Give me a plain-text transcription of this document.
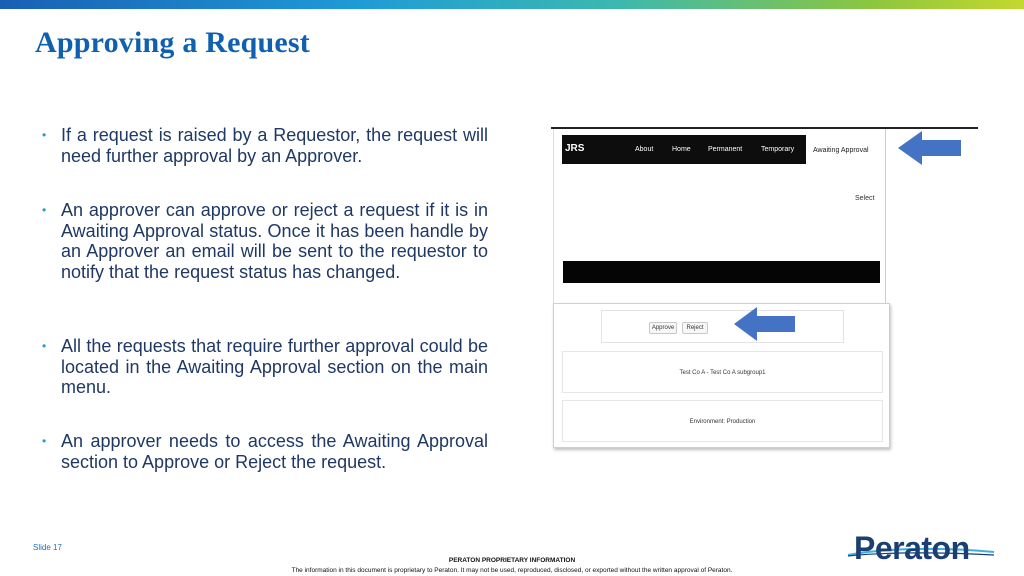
Approving a Request
• If a request is raised by a Requestor, the request will need further approval by an Approver.
• An approver can approve or reject a request if it is in Awaiting Approval status. Once it has been handle by an Approver an email will be sent to the requestor to notify that the request status has changed.
• All the requests that require further approval could be located in the Awaiting Approval section on the main menu.
• An approver needs to access the Awaiting Approval section to Approve or Reject the request.
JRS	About	Home Permanent	Temporary	Awaiting Approval
Select
Approve	Reject
Test Co A - Test Co A subgroup1
Environment: Production
Slide 17
PERATON PROPRIETARY INFORMATION
The information in this document is proprietary to Peraton. It may not be used, reproduced, disclosed, or exported without the written approval of Peraton.
Peraton
